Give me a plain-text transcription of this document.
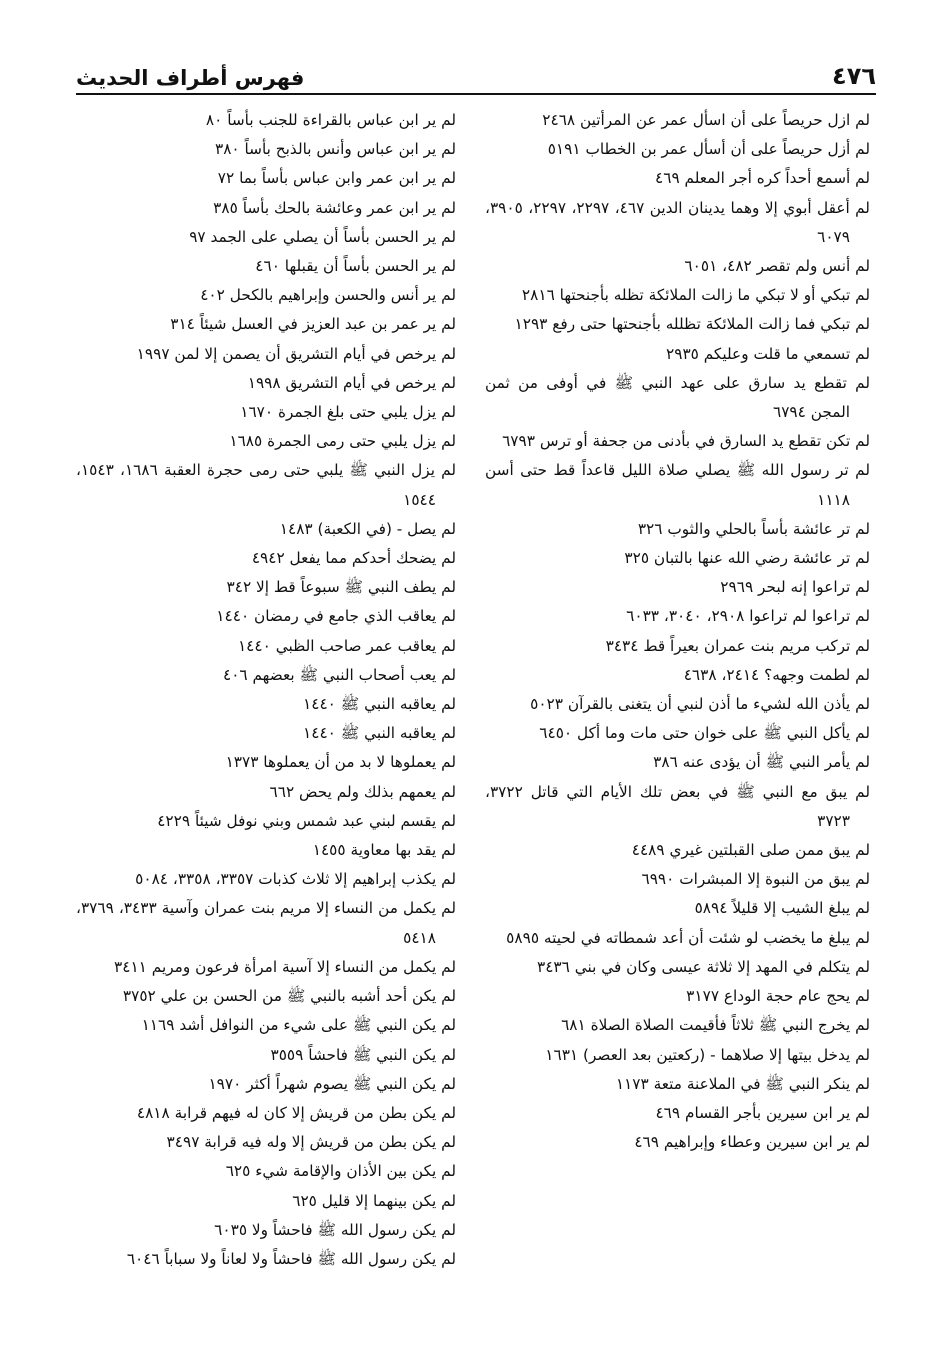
٤٧٦
فهرس أطراف الحديث

لم ازل حريصاً على أن اسأل عمر عن المرأتين ٢٤٦٨

لم أزل حريصاً على أن أسأل عمر بن الخطاب ٥١٩١

لم أسمع أحداً كره أجر المعلم ٤٦٩

لم أعقل أبوي إلا وهما يدينان الدين ٤٦٧، ٢٢٩٧، ٢٢٩٧، ٣٩٠٥، ٦٠٧٩

لم أنس ولم تقصر ٤٨٢، ٦٠٥١

لم تبكي أو لا تبكي ما زالت الملائكة تظله بأجنحتها ٢٨١٦

لم تبكي فما زالت الملائكة تظلله بأجنحتها حتى رفع ١٢٩٣

لم تسمعي ما قلت وعليكم ٢٩٣٥

لم تقطع يد سارق على عهد النبي ﷺ في أوفى من ثمن المجن ٦٧٩٤

لم تكن تقطع يد السارق في بأدنى من جحفة أو ترس ٦٧٩٣

لم تر رسول الله ﷺ يصلي صلاة الليل قاعداً قط حتى أسن ١١١٨

لم تر عائشة بأساً بالحلي والثوب ٣٢٦

لم تر عائشة رضي الله عنها بالتبان ٣٢٥

لم تراعوا إنه لبحر ٢٩٦٩

لم تراعوا لم تراعوا ٢٩٠٨، ٣٠٤٠، ٦٠٣٣

لم تركب مريم بنت عمران بعيراً قط ٣٤٣٤

لم لطمت وجهه؟ ٢٤١٤، ٤٦٣٨

لم يأذن الله لشيء ما أذن لنبي أن يتغنى بالقرآن ٥٠٢٣

لم يأكل النبي ﷺ على خوان حتى مات وما أكل ٦٤٥٠

لم يأمر النبي ﷺ أن يؤدى عنه ٣٨٦

لم يبق مع النبي ﷺ في بعض تلك الأيام التي قاتل ٣٧٢٢، ٣٧٢٣

لم يبق ممن صلى القبلتين غيري ٤٤٨٩

لم يبق من النبوة إلا المبشرات ٦٩٩٠

لم يبلغ الشيب إلا قليلاً ٥٨٩٤

لم يبلغ ما يخضب لو شئت أن أعد شمطاته في لحيته ٥٨٩٥

لم يتكلم في المهد إلا ثلاثة عيسى وكان في بني ٣٤٣٦

لم يحج عام حجة الوداع ٣١٧٧

لم يخرج النبي ﷺ ثلاثاً فأقيمت الصلاة الصلاة ٦٨١

لم يدخل بيتها إلا صلاهما - (ركعتين بعد العصر) ١٦٣١

لم ينكر النبي ﷺ في الملاعنة متعة ١١٧٣

لم ير ابن سيرين بأجر القسام ٤٦٩

لم ير ابن سيرين وعطاء وإبراهيم ٤٦٩

لم ير ابن عباس بالقراءة للجنب بأساً ٨٠

لم ير ابن عباس وأنس بالذبح بأساً ٣٨٠

لم ير ابن عمر وابن عباس بأساً بما ٧٢

لم ير ابن عمر وعائشة بالحك بأساً ٣٨٥

لم ير الحسن بأساً أن يصلي على الجمد ٩٧

لم ير الحسن بأساً أن يقبلها ٤٦٠

لم ير أنس والحسن وإبراهيم بالكحل ٤٠٢

لم ير عمر بن عبد العزيز في العسل شيئاً ٣١٤

لم يرخص في أيام التشريق أن يصمن إلا لمن ١٩٩٧

لم يرخص في أيام التشريق ١٩٩٨

لم يزل يلبي حتى بلغ الجمرة ١٦٧٠

لم يزل يلبي حتى رمى الجمرة ١٦٨٥

لم يزل النبي ﷺ يلبي حتى رمى حجرة العقبة ١٦٨٦، ١٥٤٣، ١٥٤٤

لم يصل - (في الكعبة) ١٤٨٣

لم يضحك أحدكم مما يفعل ٤٩٤٢

لم يطف النبي ﷺ سبوعاً قط إلا ٣٤٢

لم يعاقب الذي جامع في رمضان ١٤٤٠

لم يعاقب عمر صاحب الظبي ١٤٤٠

لم يعب أصحاب النبي ﷺ بعضهم ٤٠٦

لم يعاقبه النبي ﷺ ١٤٤٠

لم يعاقبه النبي ﷺ ١٤٤٠

لم يعملوها لا بد من أن يعملوها ١٣٧٣

لم يعمهم بذلك ولم يحض ٦٦٢

لم يقسم لبني عبد شمس وبني نوفل شيئاً ٤٢٢٩

لم يقد بها معاوية ١٤٥٥

لم يكذب إبراهيم إلا ثلاث كذبات ٣٣٥٧، ٣٣٥٨، ٥٠٨٤

لم يكمل من النساء إلا مريم بنت عمران وآسية ٣٤٣٣، ٣٧٦٩، ٥٤١٨

لم يكمل من النساء إلا آسية امرأة فرعون ومريم ٣٤١١

لم يكن أحد أشبه بالنبي ﷺ من الحسن بن علي ٣٧٥٢

لم يكن النبي ﷺ على شيء من النوافل أشد ١١٦٩

لم يكن النبي ﷺ فاحشاً ٣٥٥٩

لم يكن النبي ﷺ يصوم شهراً أكثر ١٩٧٠

لم يكن بطن من قريش إلا كان له فيهم قرابة ٤٨١٨

لم يكن بطن من قريش إلا وله فيه قرابة ٣٤٩٧

لم يكن بين الأذان والإقامة شيء ٦٢٥

لم يكن بينهما إلا قليل ٦٢٥

لم يكن رسول الله ﷺ فاحشاً ولا ٦٠٣٥

لم يكن رسول الله ﷺ فاحشاً ولا لعاناً ولا سباباً ٦٠٤٦
